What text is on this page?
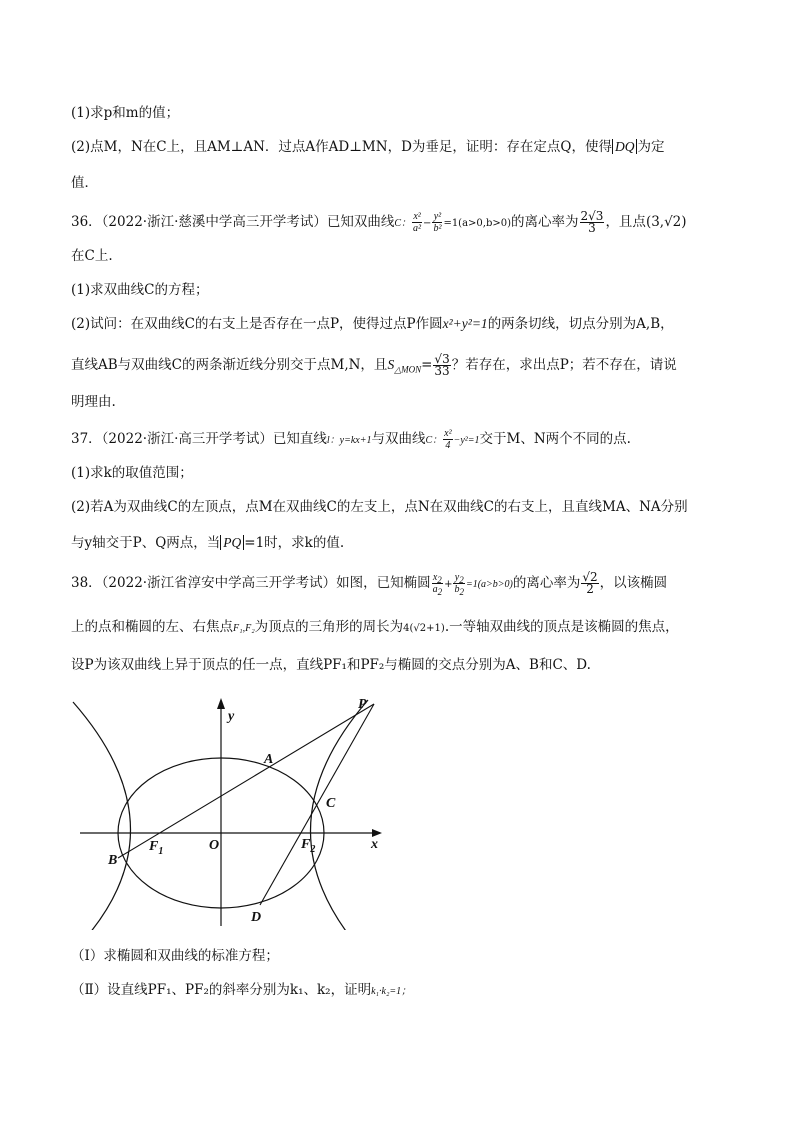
(1)求p和m的值；
(2)点M，N在C上，且AM⊥AN．过点A作AD⊥MN，D为垂足，证明：存在定点Q，使得 DQ 为定
值．
36．（2022·浙江·慈溪中学高三开学考试）已知双曲线C： $\frac{\text{x²}}{\text{a²}} - \frac{\text{y²}}{\text{b²}} =1(a>0,b>0)$的离心率为 $\frac{2√3}{3}$ ，且点(3,√2)
在C上.
(1)求双曲线C的方程；
(2)试问：在双曲线C的右支上是否存在一点P，使得过点P作圆x²+y²=1的两条切线，切点分别为A,B，
直线AB与双曲线C的两条渐近线分别交于点M,N，且$S_{\triangle MON}= \frac{√3}{33}$ ？若存在，求出点P；若不存在，请说
明理由.
37．（2022·浙江·高三开学考试）已知直线l：y=kx+1与双曲线C： $\frac{\text{x²}}{4} -y^2=1$交于M、N两个不同的点.
(1)求k的取值范围；
(2)若A为双曲线C的左顶点，点M在双曲线C的左支上，点N在双曲线C的右支上，且直线MA、NA分别
与y轴交于P、Q两点，当 PQ =1时，求k的值.
38．（2022·浙江省淳安中学高三开学考试）如图，已知椭圆 $\frac{x_2}{a_2} + \frac{y_2}{b_2} =1(a>b>0)$的离心率为 $\frac{√2}{2}$ ，以该椭圆
上的点和椭圆的左、右焦点F₁,F₂为顶点的三角形的周长为4(√2+1).一等轴双曲线的顶点是该椭圆的焦点，
设P为该双曲线上异于顶点的任一点，直线PF₁和PF₂与椭圆的交点分别为A、B和C、D.
P
A
C
B
D
$F_1$	$F_2$
O	x
y
（Ⅰ）求椭圆和双曲线的标准方程；
（Ⅱ）设直线PF₁、PF₂的斜率分别为k₁、k₂，证明k₁·k₂=1；
